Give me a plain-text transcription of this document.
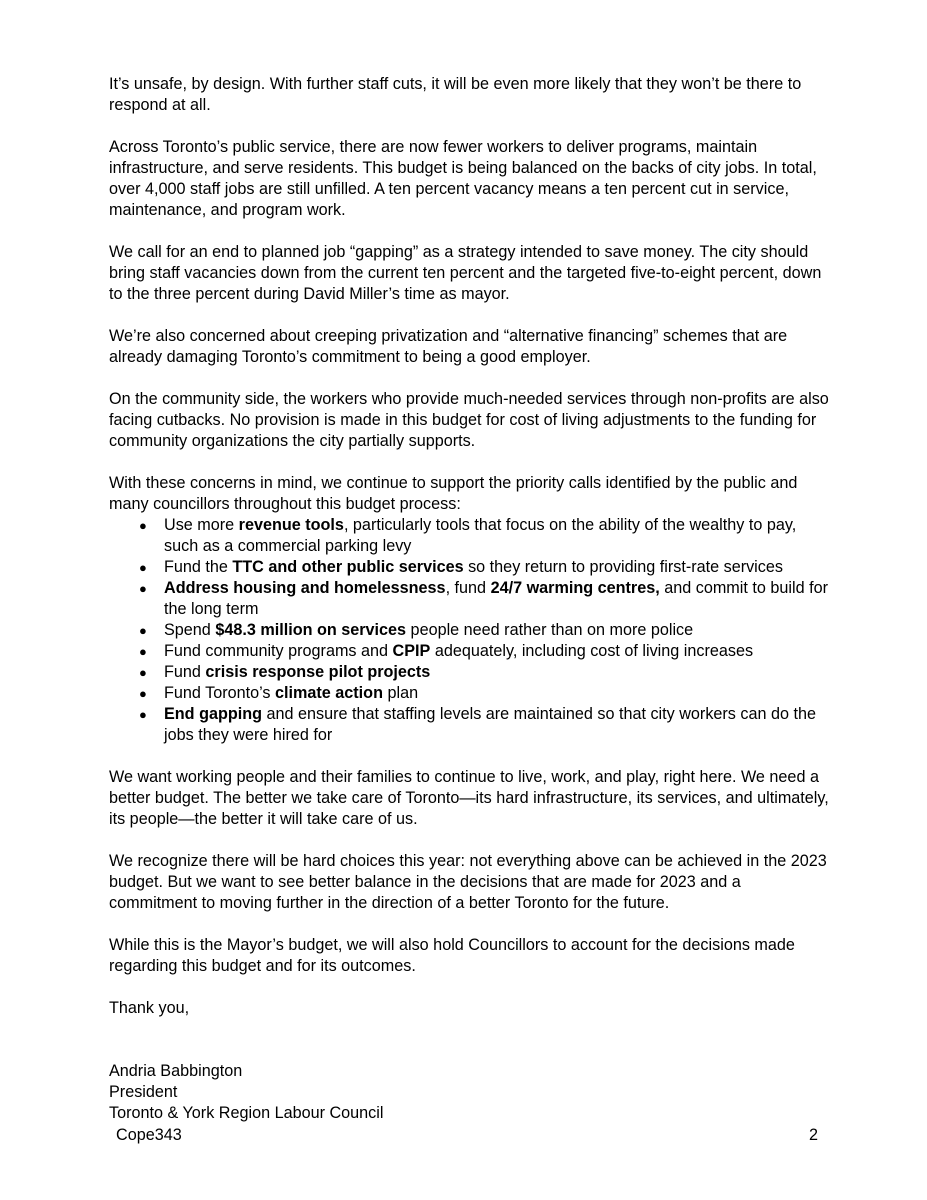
It’s unsafe, by design. With further staff cuts, it will be even more likely that they won’t be there to respond at all.

Across Toronto’s public service, there are now fewer workers to deliver programs, maintain infrastructure, and serve residents. This budget is being balanced on the backs of city jobs. In total, over 4,000 staff jobs are still unfilled. A ten percent vacancy means a ten percent cut in service, maintenance, and program work.

We call for an end to planned job “gapping” as a strategy intended to save money. The city should bring staff vacancies down from the current ten percent and the targeted five-to-eight percent, down to the three percent during David Miller’s time as mayor.

We’re also concerned about creeping privatization and “alternative financing” schemes that are already damaging Toronto’s commitment to being a good employer.

On the community side, the workers who provide much-needed services through non-profits are also facing cutbacks. No provision is made in this budget for cost of living adjustments to the funding for community organizations the city partially supports.

With these concerns in mind, we continue to support the priority calls identified by the public and many councillors throughout this budget process:

● Use more revenue tools, particularly tools that focus on the ability of the wealthy to pay, such as a commercial parking levy
● Fund the TTC and other public services so they return to providing first-rate services
● Address housing and homelessness, fund 24/7 warming centres, and commit to build for the long term
● Spend $48.3 million on services people need rather than on more police
● Fund community programs and CPIP adequately, including cost of living increases
● Fund crisis response pilot projects
● Fund Toronto’s climate action plan
● End gapping and ensure that staffing levels are maintained so that city workers can do the jobs they were hired for

We want working people and their families to continue to live, work, and play, right here. We need a better budget. The better we take care of Toronto—its hard infrastructure, its services, and ultimately, its people—the better it will take care of us.

We recognize there will be hard choices this year: not everything above can be achieved in the 2023 budget. But we want to see better balance in the decisions that are made for 2023 and a commitment to moving further in the direction of a better Toronto for the future.

While this is the Mayor’s budget, we will also hold Councillors to account for the decisions made regarding this budget and for its outcomes.

Thank you,

Andria Babbington
President
Toronto & York Region Labour Council
Cope343	2
